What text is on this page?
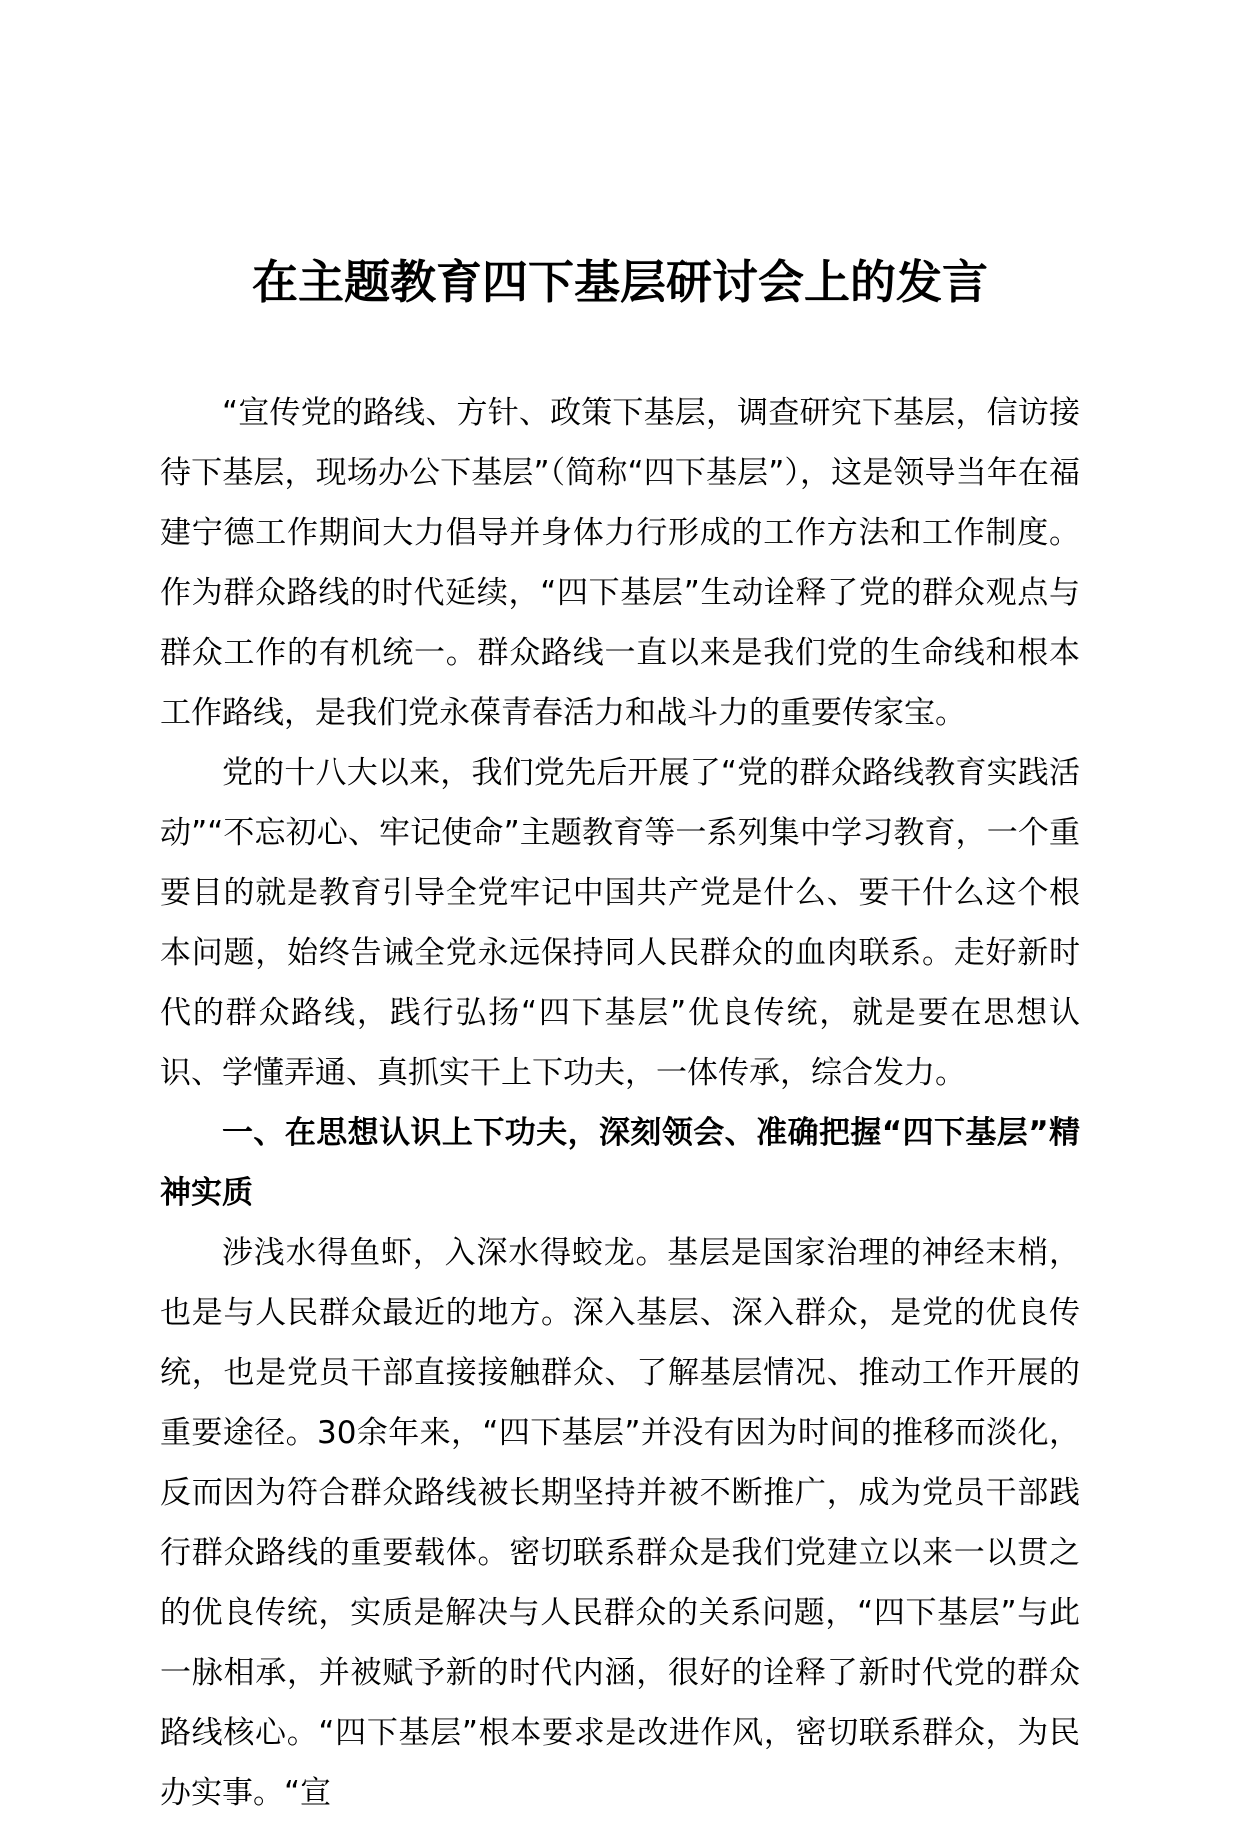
在主题教育四下基层研讨会上的发言

“宣传党的路线、方针、政策下基层，调查研究下基层，信访接待下基层，现场办公下基层”（简称“四下基层”），这是领导当年在福建宁德工作期间大力倡导并身体力行形成的工作方法和工作制度。作为群众路线的时代延续，“四下基层”生动诠释了党的群众观点与群众工作的有机统一。群众路线一直以来是我们党的生命线和根本工作路线，是我们党永葆青春活力和战斗力的重要传家宝。

党的十八大以来，我们党先后开展了“党的群众路线教育实践活动”“不忘初心、牢记使命”主题教育等一系列集中学习教育，一个重要目的就是教育引导全党牢记中国共产党是什么、要干什么这个根本问题，始终告诫全党永远保持同人民群众的血肉联系。走好新时代的群众路线，践行弘扬“四下基层”优良传统，就是要在思想认识、学懂弄通、真抓实干上下功夫，一体传承，综合发力。

一、在思想认识上下功夫，深刻领会、准确把握“四下基层”精神实质

涉浅水得鱼虾，入深水得蛟龙。基层是国家治理的神经末梢，也是与人民群众最近的地方。深入基层、深入群众，是党的优良传统，也是党员干部直接接触群众、了解基层情况、推动工作开展的重要途径。30余年来，“四下基层”并没有因为时间的推移而淡化，反而因为符合群众路线被长期坚持并被不断推广，成为党员干部践行群众路线的重要载体。密切联系群众是我们党建立以来一以贯之的优良传统，实质是解决与人民群众的关系问题，“四下基层”与此一脉相承，并被赋予新的时代内涵，很好的诠释了新时代党的群众路线核心。“四下基层”根本要求是改进作风，密切联系群众，为民办实事。“宣
